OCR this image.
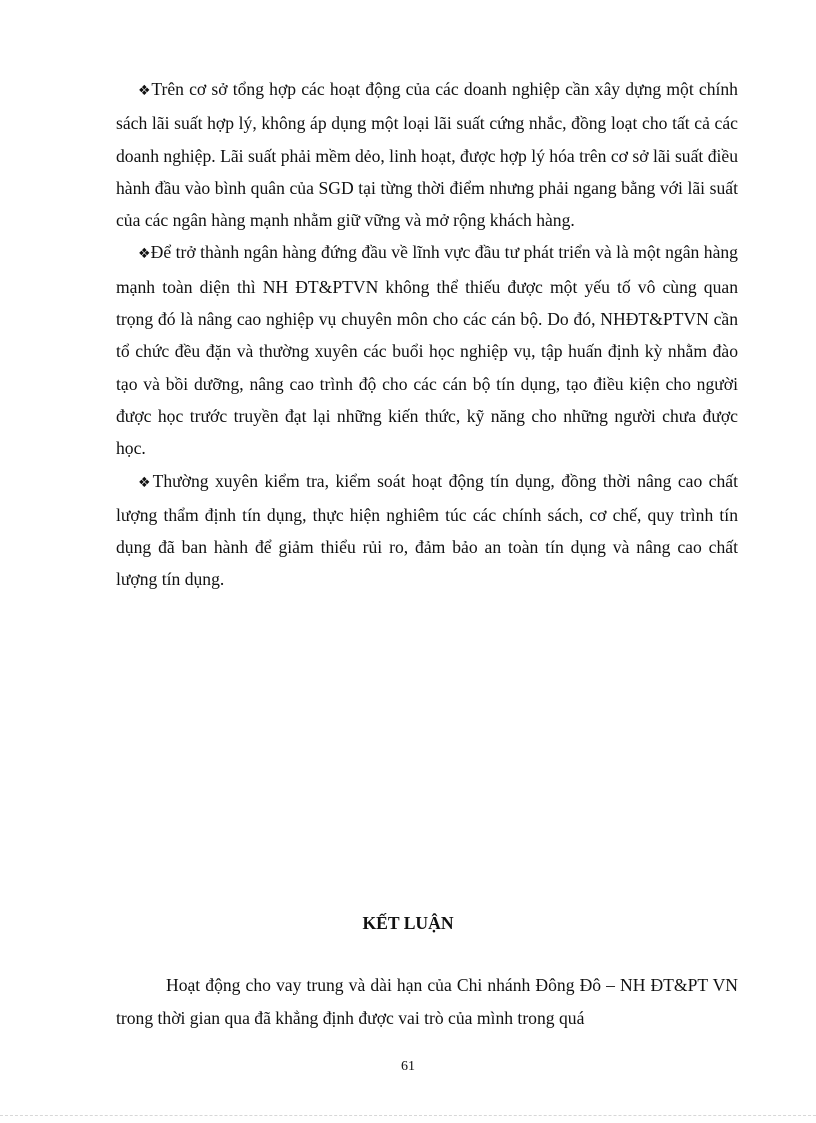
❖Trên cơ sở tổng hợp các hoạt động của các doanh nghiệp cần xây dựng một chính sách lãi suất hợp lý, không áp dụng một loại lãi suất cứng nhắc, đồng loạt cho tất cả các doanh nghiệp. Lãi suất phải mềm dẻo, linh hoạt, được hợp lý hóa trên cơ sở lãi suất điều hành đầu vào bình quân của SGD tại từng thời điểm nhưng phải ngang bằng với lãi suất của các ngân hàng mạnh nhằm giữ vững và mở rộng khách hàng.

❖Để trở thành ngân hàng đứng đầu về lĩnh vực đầu tư phát triển và là một ngân hàng mạnh toàn diện thì NH ĐT&PTVN không thể thiếu được một yếu tố vô cùng quan trọng đó là nâng cao nghiệp vụ chuyên môn cho các cán bộ. Do đó, NHĐT&PTVN cần tổ chức đều đặn và thường xuyên các buổi học nghiệp vụ, tập huấn định kỳ nhằm đào tạo và bồi dưỡng, nâng cao trình độ cho các cán bộ tín dụng, tạo điều kiện cho người được học trước truyền đạt lại những kiến thức, kỹ năng cho những người chưa được học.

❖Thường xuyên kiểm tra, kiểm soát hoạt động tín dụng, đồng thời nâng cao chất lượng thẩm định tín dụng, thực hiện nghiêm túc các chính sách, cơ chế, quy trình tín dụng đã ban hành để giảm thiểu rủi ro, đảm bảo an toàn tín dụng và nâng cao chất lượng tín dụng.

KẾT LUẬN

Hoạt động cho vay trung và dài hạn của Chi nhánh Đông Đô – NH ĐT&PT VN trong thời gian qua đã khẳng định được vai trò của mình trong quá

61
